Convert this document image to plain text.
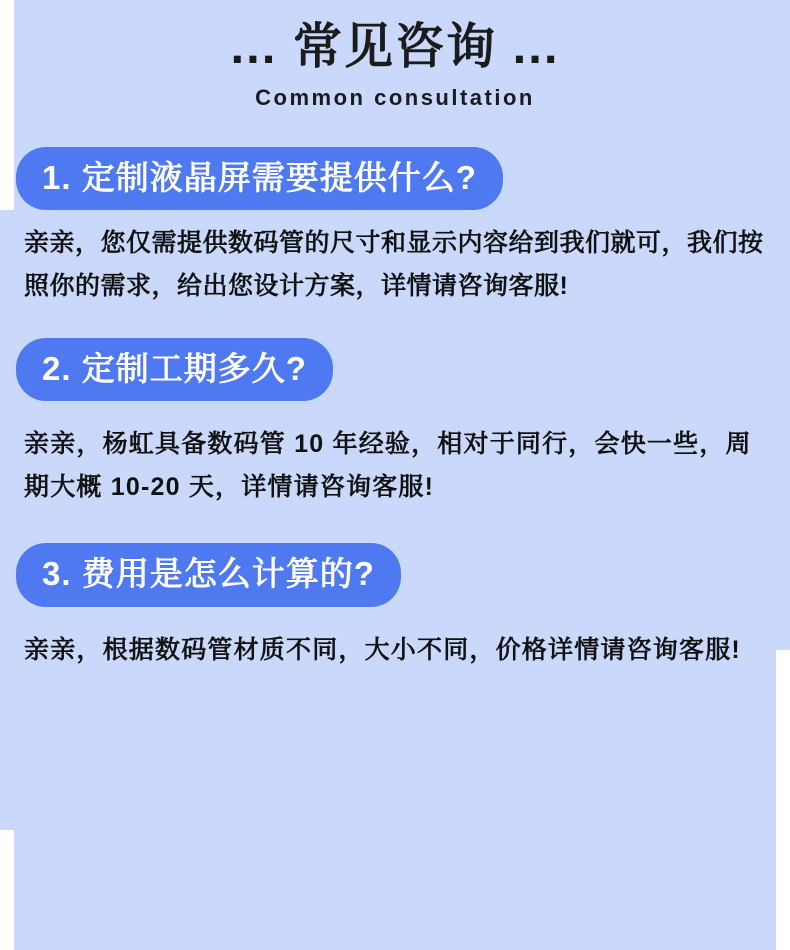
... 常见咨询 ...
Common consultation
1. 定制液晶屏需要提供什么?
亲亲，您仅需提供数码管的尺寸和显示内容给到我们就可，我们按照你的需求，给出您设计方案，详情请咨询客服!
2. 定制工期多久?
亲亲，杨虹具备数码管 10 年经验，相对于同行，会快一些，周期大概 10-20 天，详情请咨询客服!
3. 费用是怎么计算的?
亲亲，根据数码管材质不同，大小不同，价格详情请咨询客服!
